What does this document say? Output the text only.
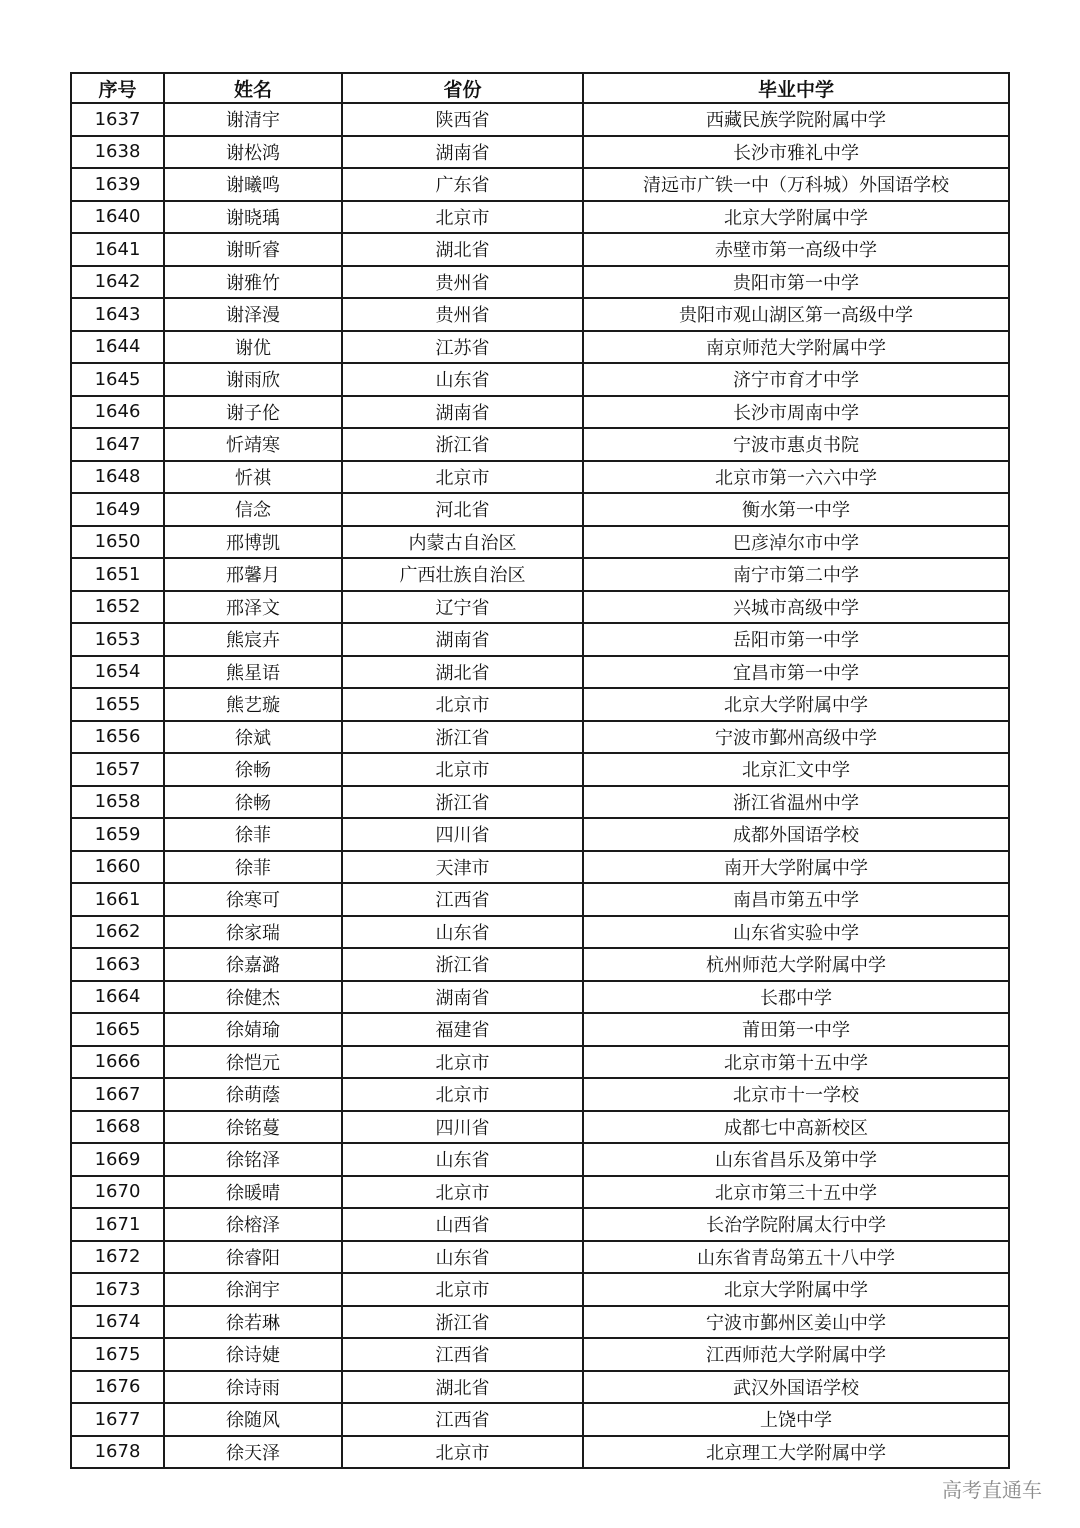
序号	姓名	省份	毕业中学
1637	谢清宇	陕西省	西藏民族学院附属中学
1638	谢松鸿	湖南省	长沙市雅礼中学
1639	谢曦鸣	广东省	清远市广铁一中（万科城）外国语学校
1640	谢晓瑀	北京市	北京大学附属中学
1641	谢昕睿	湖北省	赤壁市第一高级中学
1642	谢雅竹	贵州省	贵阳市第一中学
1643	谢泽漫	贵州省	贵阳市观山湖区第一高级中学
1644	谢优	江苏省	南京师范大学附属中学
1645	谢雨欣	山东省	济宁市育才中学
1646	谢子伦	湖南省	长沙市周南中学
1647	忻靖寒	浙江省	宁波市惠贞书院
1648	忻祺	北京市	北京市第一六六中学
1649	信念	河北省	衡水第一中学
1650	邢博凯	内蒙古自治区	巴彦淖尔市中学
1651	邢馨月	广西壮族自治区	南宁市第二中学
1652	邢泽文	辽宁省	兴城市高级中学
1653	熊宸卉	湖南省	岳阳市第一中学
1654	熊星语	湖北省	宜昌市第一中学
1655	熊艺璇	北京市	北京大学附属中学
1656	徐斌	浙江省	宁波市鄞州高级中学
1657	徐畅	北京市	北京汇文中学
1658	徐畅	浙江省	浙江省温州中学
1659	徐菲	四川省	成都外国语学校
1660	徐菲	天津市	南开大学附属中学
1661	徐寒可	江西省	南昌市第五中学
1662	徐家瑞	山东省	山东省实验中学
1663	徐嘉潞	浙江省	杭州师范大学附属中学
1664	徐健杰	湖南省	长郡中学
1665	徐婧瑜	福建省	莆田第一中学
1666	徐恺元	北京市	北京市第十五中学
1667	徐萌蔭	北京市	北京市十一学校
1668	徐铭蔓	四川省	成都七中高新校区
1669	徐铭泽	山东省	山东省昌乐及第中学
1670	徐暖晴	北京市	北京市第三十五中学
1671	徐榕泽	山西省	长治学院附属太行中学
1672	徐睿阳	山东省	山东省青岛第五十八中学
1673	徐润宇	北京市	北京大学附属中学
1674	徐若琳	浙江省	宁波市鄞州区姜山中学
1675	徐诗婕	江西省	江西师范大学附属中学
1676	徐诗雨	湖北省	武汉外国语学校
1677	徐随风	江西省	上饶中学
1678	徐天泽	北京市	北京理工大学附属中学
高考直通车
